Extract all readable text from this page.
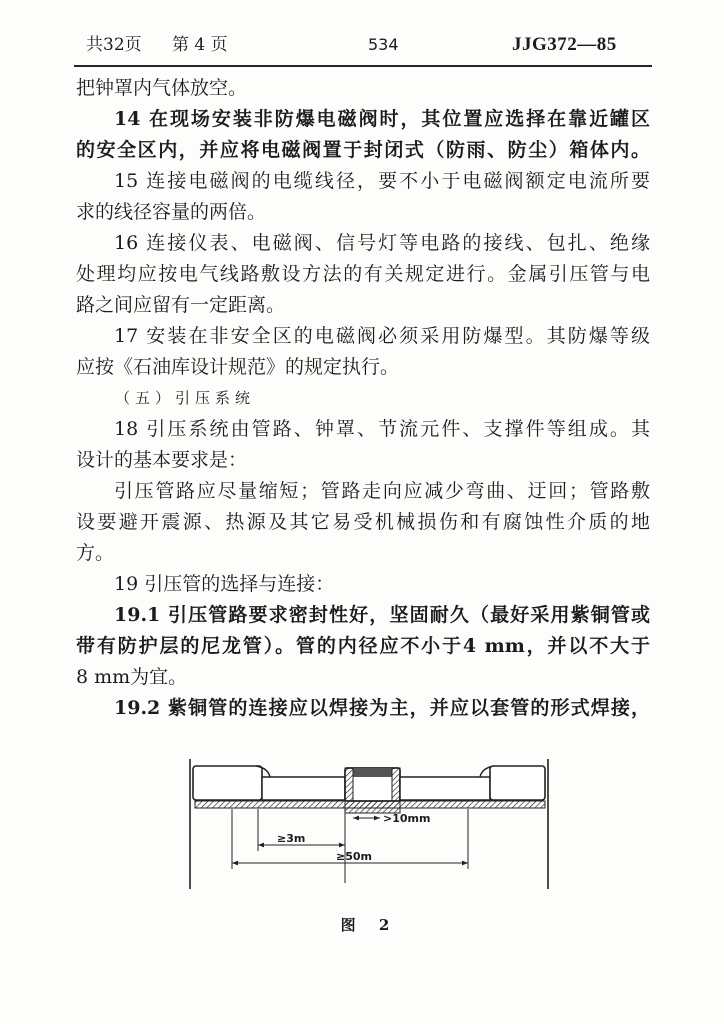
共32页 第 4 页	534	JJG372—85
把钟罩内气体放空。
14 在现场安装非防爆电磁阀时，其位置应选择在靠近罐区
的安全区内，并应将电磁阀置于封闭式（防雨、防尘）箱体内。
15 连接电磁阀的电缆线径，要不小于电磁阀额定电流所要
求的线径容量的两倍。
16 连接仪表、电磁阀、信号灯等电路的接线、包扎、绝缘
处理均应按电气线路敷设方法的有关规定进行。金属引压管与电
路之间应留有一定距离。
17 安装在非安全区的电磁阀必须采用防爆型。其防爆等级
应按《石油库设计规范》的规定执行。
（五）引压系统
18 引压系统由管路、钟罩、节流元件、支撑件等组成。其
设计的基本要求是：
引压管路应尽量缩短；管路走向应减少弯曲、迂回；管路敷
设要避开震源、热源及其它易受机械损伤和有腐蚀性介质的地
方。
19 引压管的选择与连接：
19.1 引压管路要求密封性好，坚固耐久（最好采用紫铜管或
带有防护层的尼龙管）。管的内径应不小于4 mm，并以不大于
8 mm为宜。
19.2 紫铜管的连接应以焊接为主，并应以套管的形式焊接，
>10mm
≥3m
≥50m
图 2
